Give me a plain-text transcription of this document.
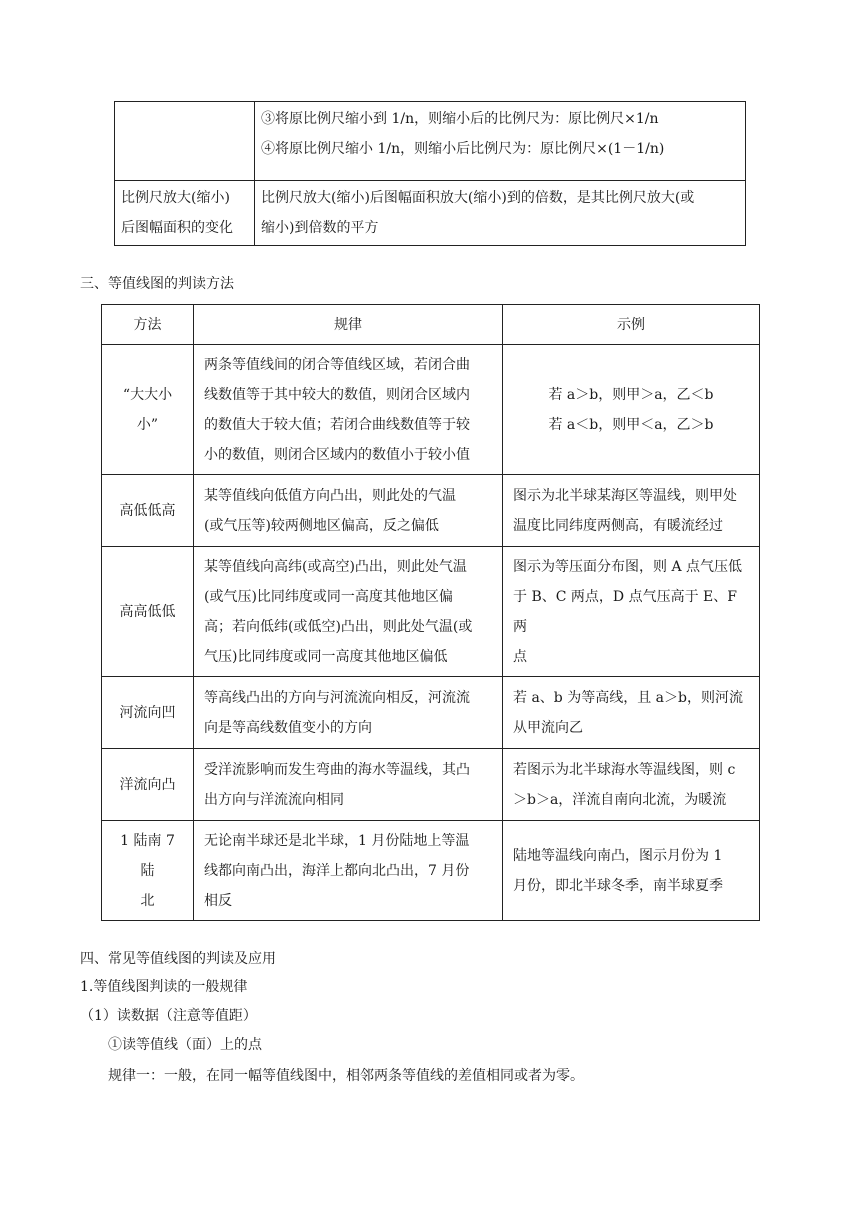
	③将原比例尺缩小到 1/n，则缩小后的比例尺为：原比例尺×1/n
④将原比例尺缩小 1/n，则缩小后比例尺为：原比例尺×(1－1/n)

比例尺放大(缩小)
后图幅面积的变化	比例尺放大(缩小)后图幅面积放大(缩小)到的倍数，是其比例尺放大(或
缩小)到倍数的平方
三、等值线图的判读方法
方法	规律	示例

“大大小
小”	两条等值线间的闭合等值线区域，若闭合曲
线数值等于其中较大的数值，则闭合区域内
的数值大于较大值；若闭合曲线数值等于较
小的数值，则闭合区域内的数值小于较小值	若 a＞b，则甲＞a，乙＜b
若 a＜b，则甲＜a，乙＞b

高低低高	某等值线向低值方向凸出，则此处的气温
(或气压等)较两侧地区偏高，反之偏低	图示为北半球某海区等温线，则甲处
温度比同纬度两侧高，有暖流经过

高高低低	某等值线向高纬(或高空)凸出，则此处气温
(或气压)比同纬度或同一高度其他地区偏
高；若向低纬(或低空)凸出，则此处气温(或
气压)比同纬度或同一高度其他地区偏低	图示为等压面分布图，则 A 点气压低
于 B、C 两点，D 点气压高于 E、F 两
点

河流向凹	等高线凸出的方向与河流流向相反，河流流
向是等高线数值变小的方向	若 a、b 为等高线，且 a＞b，则河流
从甲流向乙

洋流向凸	受洋流影响而发生弯曲的海水等温线，其凸
出方向与洋流流向相同	若图示为北半球海水等温线图，则 c
＞b＞a，洋流自南向北流，为暖流

1 陆南 7 陆
北	无论南半球还是北半球，1 月份陆地上等温
线都向南凸出，海洋上都向北凸出，7 月份
相反	陆地等温线向南凸，图示月份为 1
月份，即北半球冬季，南半球夏季
四、常见等值线图的判读及应用
1.等值线图判读的一般规律
（1）读数据（注意等值距）
①读等值线（面）上的点
规律一：一般，在同一幅等值线图中，相邻两条等值线的差值相同或者为零。
